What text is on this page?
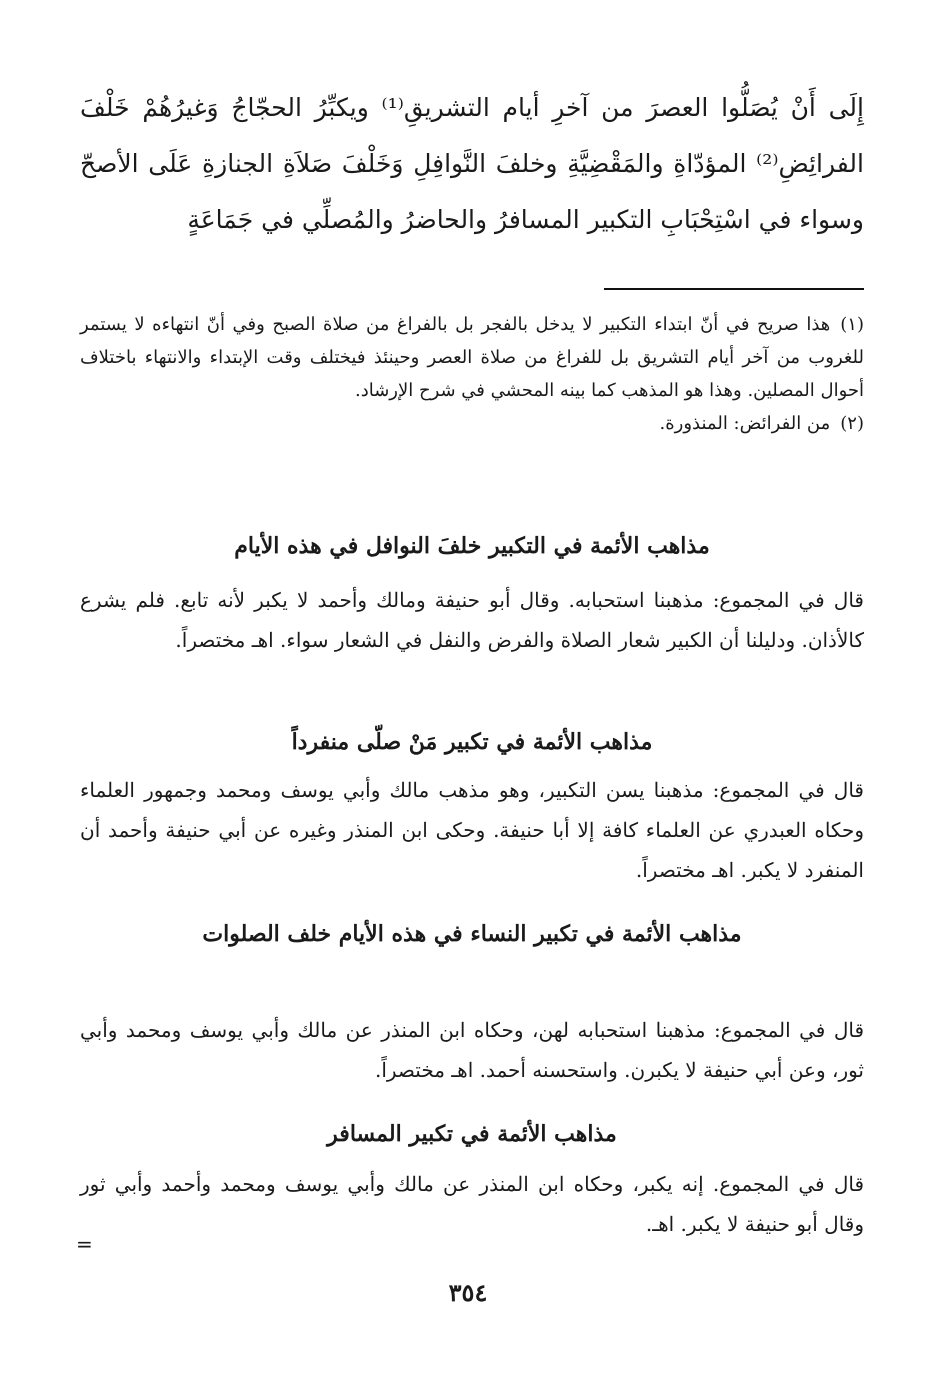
إِلَى أَنْ يُصَلُّوا العصرَ من آخرِ أيام التشريقِ⁽¹⁾ ويكبِّرُ الحجّاجُ وَغيرُهُمْ خَلْفَ الفرائِضِ⁽²⁾ المؤدّاةِ والمَقْضِيَّةِ وخلفَ النَّوافِلِ وَخَلْفَ صَلاَةِ الجنازةِ عَلَى الأصحّ وسواء في اسْتِحْبَابِ التكبير المسافرُ والحاضرُ والمُصلِّي في جَمَاعَةٍ

(١)هذا صريح في أنّ ابتداء التكبير لا يدخل بالفجر بل بالفراغ من صلاة الصبح وفي أنّ انتهاءه لا يستمر للغروب من آخر أيام التشريق بل للفراغ من صلاة العصر وحينئذ فيختلف وقت الإبتداء والانتهاء باختلاف أحوال المصلين. وهذا هو المذهب كما بينه المحشي في شرح الإرشاد.

(٢)من الفرائض: المنذورة.

مذاهب الأئمة في التكبير خلفَ النوافل في هذه الأيام

قال في المجموع: مذهبنا استحبابه. وقال أبو حنيفة ومالك وأحمد لا يكبر لأنه تابع. فلم يشرع كالأذان. ودليلنا أن الكبير شعار الصلاة والفرض والنفل في الشعار سواء. اهـ مختصراً.

مذاهب الأئمة في تكبير مَنْ صلّى منفرداً

قال في المجموع: مذهبنا يسن التكبير، وهو مذهب مالك وأبي يوسف ومحمد وجمهور العلماء وحكاه العبدري عن العلماء كافة إلا أبا حنيفة. وحكى ابن المنذر وغيره عن أبي حنيفة وأحمد أن المنفرد لا يكبر. اهـ مختصراً.

مذاهب الأئمة في تكبير النساء في هذه الأيام خلف الصلوات

قال في المجموع: مذهبنا استحبابه لهن، وحكاه ابن المنذر عن مالك وأبي يوسف ومحمد وأبي ثور، وعن أبي حنيفة لا يكبرن. واستحسنه أحمد. اهـ مختصراً.

مذاهب الأئمة في تكبير المسافر

قال في المجموع. إنه يكبر، وحكاه ابن المنذر عن مالك وأبي يوسف ومحمد وأحمد وأبي ثور وقال أبو حنيفة لا يكبر. اهـ.

=
٣٥٤
